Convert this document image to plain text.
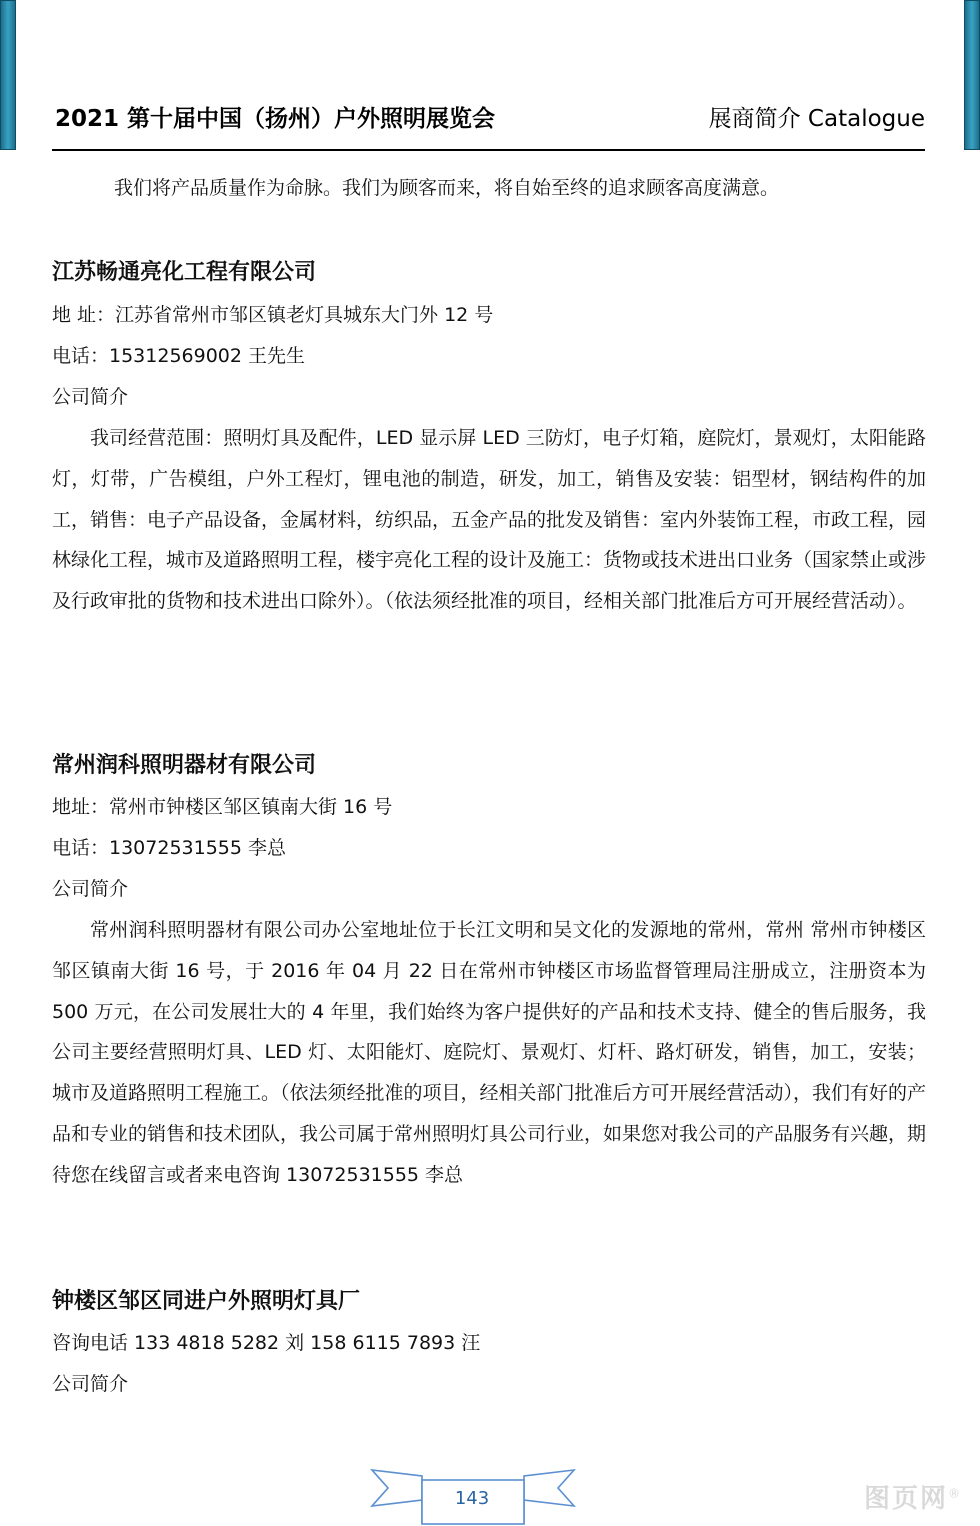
2021 第十届中国（扬州）户外照明展览会	展商简介 Catalogue
我们将产品质量作为命脉。我们为顾客而来，将自始至终的追求顾客高度满意。
江苏畅通亮化工程有限公司
地 址：江苏省常州市邹区镇老灯具城东大门外 12 号
电话：15312569002 王先生
公司简介

我司经营范围：照明灯具及配件，LED 显示屏 LED 三防灯，电子灯箱，庭院灯，景观灯，太阳能路灯，灯带，广告模组，户外工程灯，锂电池的制造，研发，加工，销售及安装：铝型材，钢结构件的加工，销售：电子产品设备，金属材料，纺织品，五金产品的批发及销售：室内外装饰工程，市政工程，园林绿化工程，城市及道路照明工程，楼宇亮化工程的设计及施工：货物或技术进出口业务（国家禁止或涉及行政审批的货物和技术进出口除外）。（依法须经批准的项目，经相关部门批准后方可开展经营活动）。

常州润科照明器材有限公司
地址：常州市钟楼区邹区镇南大街 16 号
电话：13072531555 李总
公司简介

常州润科照明器材有限公司办公室地址位于长江文明和吴文化的发源地的常州，常州 常州市钟楼区邹区镇南大街 16 号，于 2016 年 04 月 22 日在常州市钟楼区市场监督管理局注册成立，注册资本为 500 万元，在公司发展壮大的 4 年里，我们始终为客户提供好的产品和技术支持、健全的售后服务，我公司主要经营照明灯具、LED 灯、太阳能灯、庭院灯、景观灯、灯杆、路灯研发，销售，加工，安装；城市及道路照明工程施工。（依法须经批准的项目，经相关部门批准后方可开展经营活动），我们有好的产品和专业的销售和技术团队，我公司属于常州照明灯具公司行业，如果您对我公司的产品服务有兴趣，期待您在线留言或者来电咨询 13072531555 李总

钟楼区邹区同进户外照明灯具厂
咨询电话 133 4818 5282 刘 158 6115 7893 汪
公司简介
143	图页网®
